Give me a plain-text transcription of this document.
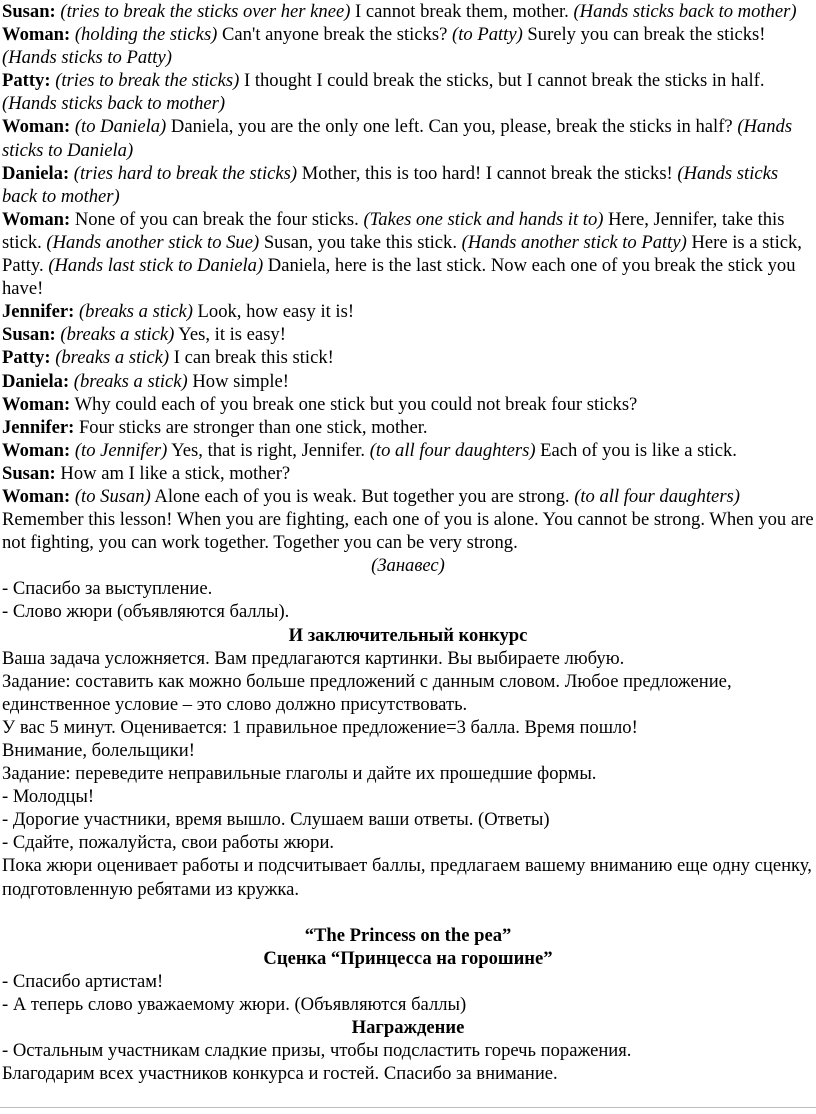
Susan: (tries to break the sticks over her knee) I cannot break them, mother. (Hands sticks back to mother)

Woman: (holding the sticks) Can't anyone break the sticks? (to Patty) Surely you can break the sticks! (Hands sticks to Patty)

Patty: (tries to break the sticks) I thought I could break the sticks, but I cannot break the sticks in half. (Hands sticks back to mother)

Woman: (to Daniela) Daniela, you are the only one left. Can you, please, break the sticks in half? (Hands sticks to Daniela)

Daniela: (tries hard to break the sticks) Mother, this is too hard! I cannot break the sticks! (Hands sticks back to mother)

Woman: None of you can break the four sticks. (Takes one stick and hands it to) Here, Jennifer, take this stick. (Hands another stick to Sue) Susan, you take this stick. (Hands another stick to Patty) Here is a stick, Patty. (Hands last stick to Daniela) Daniela, here is the last stick. Now each one of you break the stick you have!

Jennifer: (breaks a stick) Look, how easy it is!

Susan: (breaks a stick) Yes, it is easy!

Patty: (breaks a stick) I can break this stick!

Daniela: (breaks a stick) How simple!

Woman: Why could each of you break one stick but you could not break four sticks?

Jennifer: Four sticks are stronger than one stick, mother.

Woman: (to Jennifer) Yes, that is right, Jennifer. (to all four daughters) Each of you is like a stick.

Susan: How am I like a stick, mother?

Woman: (to Susan) Alone each of you is weak. But together you are strong. (to all four daughters) Remember this lesson! When you are fighting, each one of you is alone. You cannot be strong. When you are not fighting, you can work together. Together you can be very strong.

(Занавес)

- Спасибо за выступление.

- Слово жюри (объявляются баллы).

И заключительный конкурс

Ваша задача усложняется. Вам предлагаются картинки. Вы выбираете любую.

Задание: составить как можно больше предложений с данным словом. Любое предложение, единственное условие – это слово должно присутствовать.

У вас 5 минут. Оценивается: 1 правильное предложение=3 балла. Время пошло!

Внимание, болельщики!

Задание: переведите неправильные глаголы и дайте их прошедшие формы.

- Молодцы!

- Дорогие участники, время вышло. Слушаем ваши ответы. (Ответы)

- Сдайте, пожалуйста, свои работы жюри.

Пока жюри оценивает работы и подсчитывает баллы, предлагаем вашему вниманию еще одну сценку, подготовленную ребятами из кружка.

“The Princess on the pea”

Сценка “Принцесса на горошине”

- Спасибо артистам!

- А теперь слово уважаемому жюри. (Объявляются баллы)

Награждение

- Остальным участникам сладкие призы, чтобы подсластить горечь поражения.

Благодарим всех участников конкурса и гостей. Спасибо за внимание.
